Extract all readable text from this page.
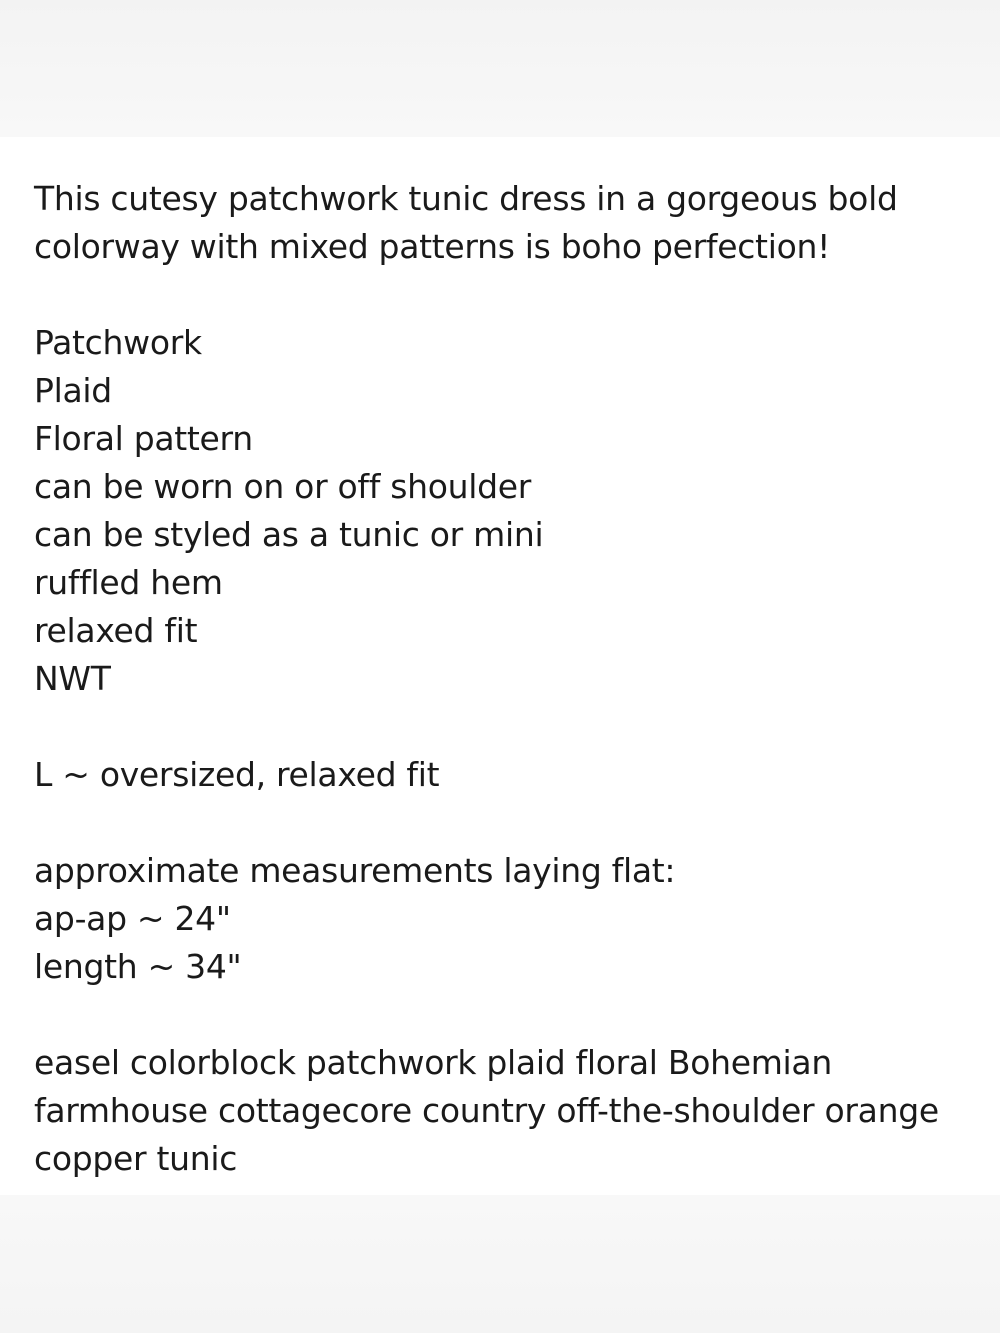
This cutesy patchwork tunic dress in a gorgeous bold
colorway with mixed patterns is boho perfection!
Patchwork
Plaid
Floral pattern
can be worn on or off shoulder
can be styled as a tunic or mini
ruffled hem
relaxed fit
NWT
L ~ oversized, relaxed fit
approximate measurements laying flat:
ap-ap ~ 24"
length ~ 34"
easel colorblock patchwork plaid floral Bohemian
farmhouse cottagecore country off-the-shoulder orange
copper tunic
